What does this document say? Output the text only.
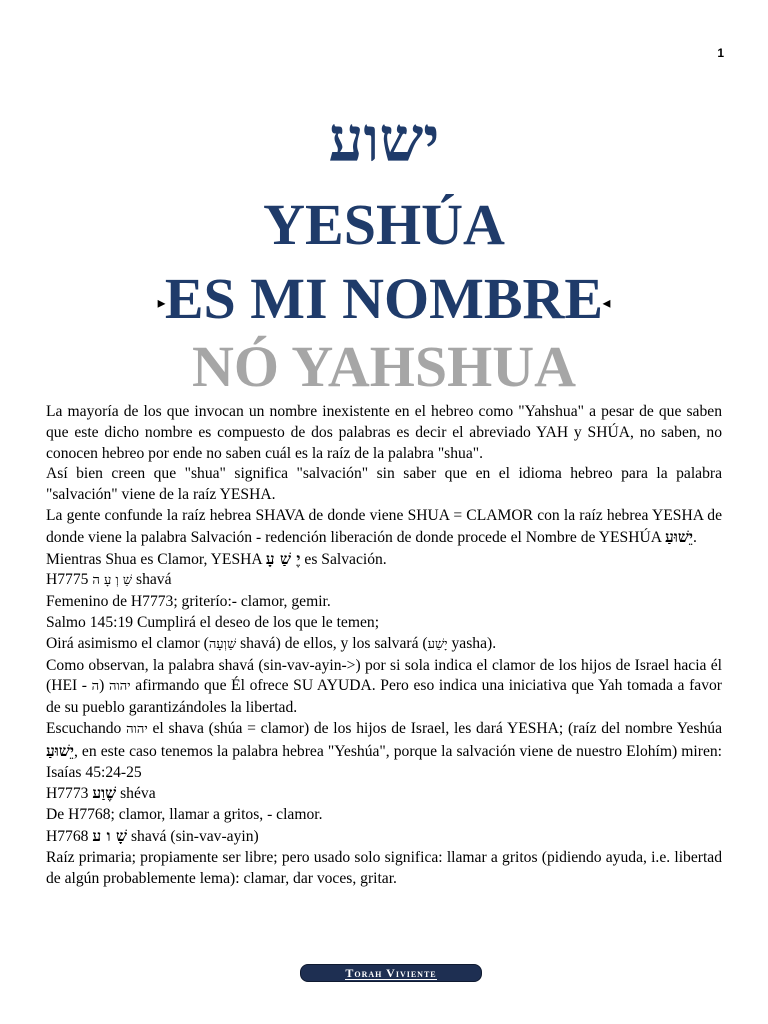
1
ישוע
YESHÚA
▸ES MI NOMBRE◂
NÓ YAHSHUA

La mayoría de los que invocan un nombre inexistente en el hebreo como "Yahshua" a pesar de que saben que este dicho nombre es compuesto de dos palabras es decir el abreviado YAH y SHÚA, no saben, no conocen hebreo por ende no saben cuál es la raíz de la palabra "shua".

Así bien creen que "shua" significa "salvación" sin saber que en el idioma hebreo para la palabra "salvación" viene de la raíz YESHA.

La gente confunde la raíz hebrea SHAVA de donde viene SHUA = CLAMOR con la raíz hebrea YESHA de donde viene la palabra Salvación - redención liberación de donde procede el Nombre de YESHÚA יֵשׁוּעַ.

Mientras Shua es Clamor, YESHA יֶ שַׁ עָ es Salvación.

H7775 שַׁ וְ עָ ה shavá

Femenino de H7773; griterío:- clamor, gemir.

Salmo 145:19 Cumplirá el deseo de los que le temen;

Oirá asimismo el clamor (שַׁוְעָה shavá) de ellos, y los salvará (יָשַׁע yasha).

Como observan, la palabra shavá (sin-vav-ayin->) por si sola indica el clamor de los hijos de Israel hacia él (HEI - ה) יהוה afirmando que Él ofrece SU AYUDA. Pero eso indica una iniciativa que Yah tomada a favor de su pueblo garantizándoles la libertad.

Escuchando יהוה el shava (shúa = clamor) de los hijos de Israel, les dará YESHA; (raíz del nombre Yeshúa יֵשׁוּעַ, en este caso tenemos la palabra hebrea "Yeshúa", porque la salvación viene de nuestro Elohím) miren: Isaías 45:24-25

H7773 שֶׁוַע shéva

De H7768; clamor, llamar a gritos, - clamor.

H7768 שָׁ ו ע shavá (sin-vav-ayin)

Raíz primaria; propiamente ser libre; pero usado solo significa: llamar a gritos (pidiendo ayuda, i.e. libertad de algún probablemente lema): clamar, dar voces, gritar.

Torah Viviente
